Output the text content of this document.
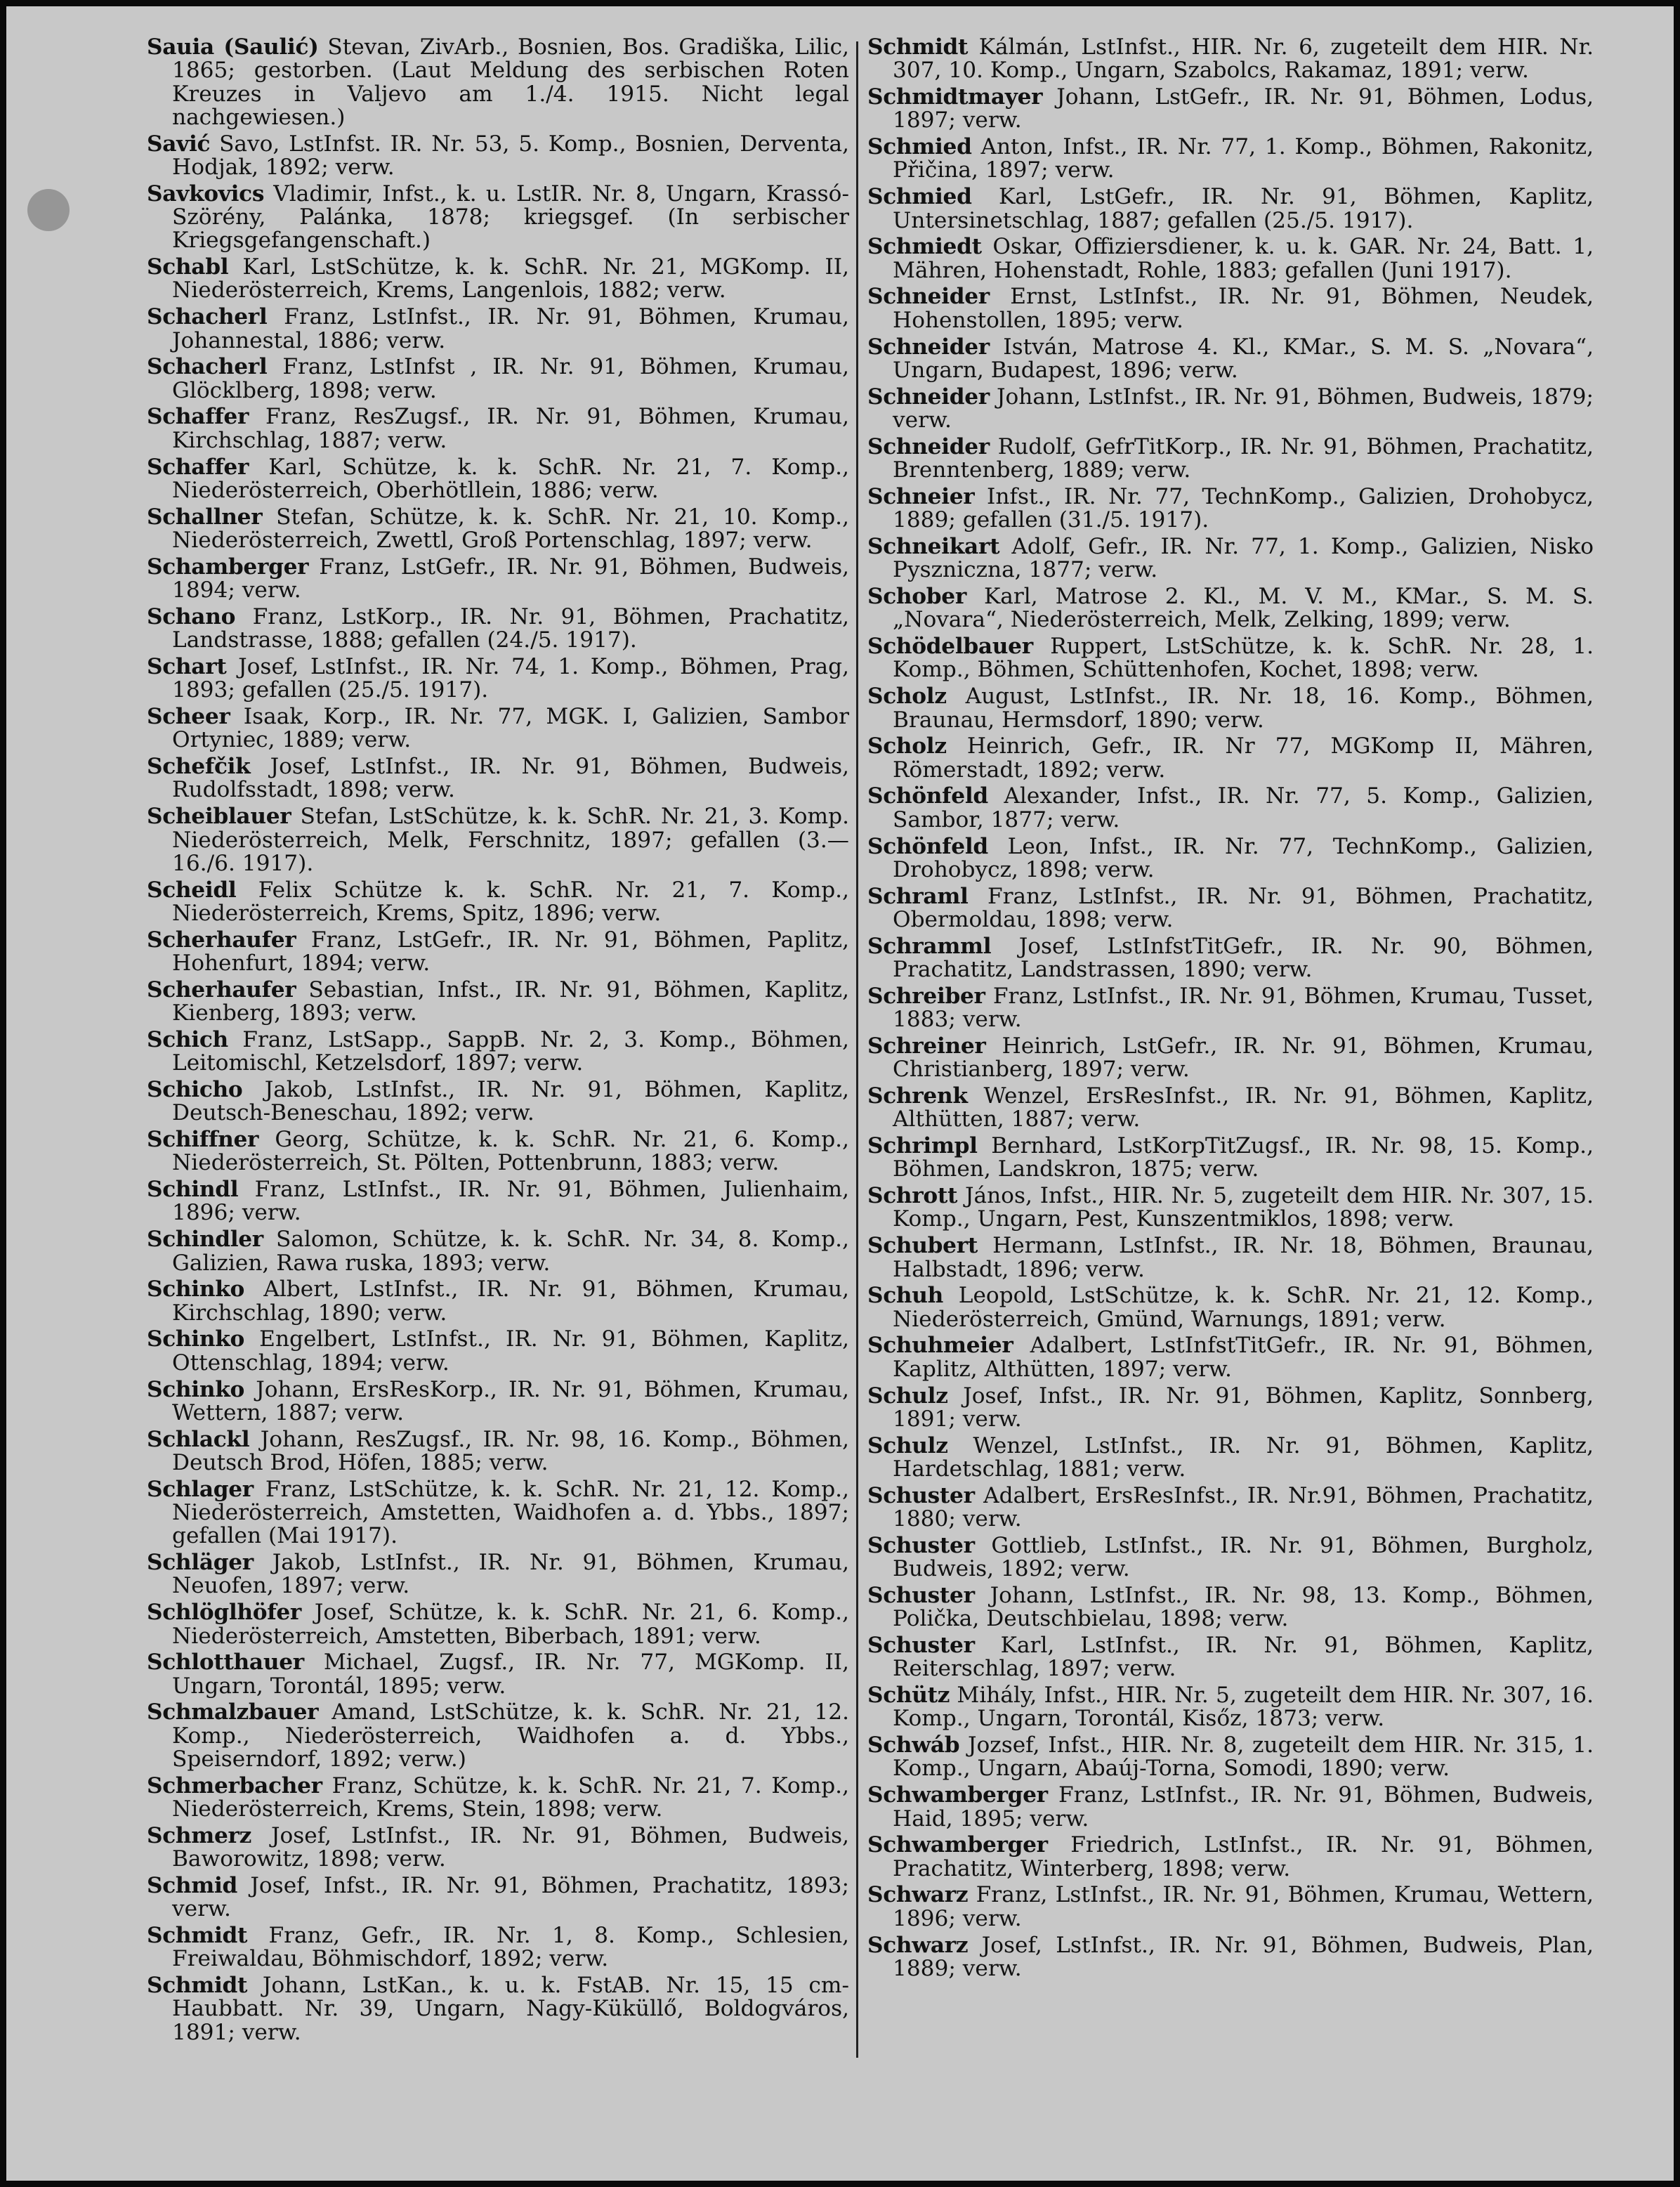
Sauia (Saulić) Stevan, ZivArb., Bosnien, Bos. Gradiška, Lilic, 1865; gestorben. (Laut Meldung des serbischen Roten Kreuzes in Valjevo am 1./4. 1915. Nicht legal nachgewiesen.)

Savić Savo, LstInfst. IR. Nr. 53, 5. Komp., Bosnien, Derventa, Hodjak, 1892; verw.

Savkovics Vladimir, Infst., k. u. LstIR. Nr. 8, Ungarn, Krassó-Szörény, Palánka, 1878; kriegsgef. (In serbischer Kriegsgefangenschaft.)

Schabl Karl, LstSchütze, k. k. SchR. Nr. 21, MGKomp. II, Niederösterreich, Krems, Langenlois, 1882; verw.

Schacherl Franz, LstInfst., IR. Nr. 91, Böhmen, Krumau, Johannestal, 1886; verw.

Schacherl Franz, LstInfst , IR. Nr. 91, Böhmen, Krumau, Glöcklberg, 1898; verw.

Schaffer Franz, ResZugsf., IR. Nr. 91, Böhmen, Krumau, Kirchschlag, 1887; verw.

Schaffer Karl, Schütze, k. k. SchR. Nr. 21, 7. Komp., Niederösterreich, Oberhötllein, 1886; verw.

Schallner Stefan, Schütze, k. k. SchR. Nr. 21, 10. Komp., Niederösterreich, Zwettl, Groß Portenschlag, 1897; verw.

Schamberger Franz, LstGefr., IR. Nr. 91, Böhmen, Budweis, 1894; verw.

Schano Franz, LstKorp., IR. Nr. 91, Böhmen, Prachatitz, Landstrasse, 1888; gefallen (24./5. 1917).

Schart Josef, LstInfst., IR. Nr. 74, 1. Komp., Böhmen, Prag, 1893; gefallen (25./5. 1917).

Scheer Isaak, Korp., IR. Nr. 77, MGK. I, Galizien, Sambor Ortyniec, 1889; verw.

Schefčik Josef, LstInfst., IR. Nr. 91, Böhmen, Budweis, Rudolfsstadt, 1898; verw.

Scheiblauer Stefan, LstSchütze, k. k. SchR. Nr. 21, 3. Komp. Niederösterreich, Melk, Ferschnitz, 1897; gefallen (3.—16./6. 1917).

Scheidl Felix Schütze k. k. SchR. Nr. 21, 7. Komp., Niederösterreich, Krems, Spitz, 1896; verw.

Scherhaufer Franz, LstGefr., IR. Nr. 91, Böhmen, Paplitz, Hohenfurt, 1894; verw.

Scherhaufer Sebastian, Infst., IR. Nr. 91, Böhmen, Kaplitz, Kienberg, 1893; verw.

Schich Franz, LstSapp., SappB. Nr. 2, 3. Komp., Böhmen, Leitomischl, Ketzelsdorf, 1897; verw.

Schicho Jakob, LstInfst., IR. Nr. 91, Böhmen, Kaplitz, Deutsch-Beneschau, 1892; verw.

Schiffner Georg, Schütze, k. k. SchR. Nr. 21, 6. Komp., Niederösterreich, St. Pölten, Pottenbrunn, 1883; verw.

Schindl Franz, LstInfst., IR. Nr. 91, Böhmen, Julienhaim, 1896; verw.

Schindler Salomon, Schütze, k. k. SchR. Nr. 34, 8. Komp., Galizien, Rawa ruska, 1893; verw.

Schinko Albert, LstInfst., IR. Nr. 91, Böhmen, Krumau, Kirchschlag, 1890; verw.

Schinko Engelbert, LstInfst., IR. Nr. 91, Böhmen, Kaplitz, Ottenschlag, 1894; verw.

Schinko Johann, ErsResKorp., IR. Nr. 91, Böhmen, Krumau, Wettern, 1887; verw.

Schlackl Johann, ResZugsf., IR. Nr. 98, 16. Komp., Böhmen, Deutsch Brod, Höfen, 1885; verw.

Schlager Franz, LstSchütze, k. k. SchR. Nr. 21, 12. Komp., Niederösterreich, Amstetten, Waidhofen a. d. Ybbs., 1897; gefallen (Mai 1917).

Schläger Jakob, LstInfst., IR. Nr. 91, Böhmen, Krumau, Neuofen, 1897; verw.

Schlöglhöfer Josef, Schütze, k. k. SchR. Nr. 21, 6. Komp., Niederösterreich, Amstetten, Biberbach, 1891; verw.

Schlotthauer Michael, Zugsf., IR. Nr. 77, MGKomp. II, Ungarn, Torontál, 1895; verw.

Schmalzbauer Amand, LstSchütze, k. k. SchR. Nr. 21, 12. Komp., Niederösterreich, Waidhofen a. d. Ybbs., Speiserndorf, 1892; verw.)

Schmerbacher Franz, Schütze, k. k. SchR. Nr. 21, 7. Komp., Niederösterreich, Krems, Stein, 1898; verw.

Schmerz Josef, LstInfst., IR. Nr. 91, Böhmen, Budweis, Baworowitz, 1898; verw.

Schmid Josef, Infst., IR. Nr. 91, Böhmen, Prachatitz, 1893; verw.

Schmidt Franz, Gefr., IR. Nr. 1, 8. Komp., Schlesien, Freiwaldau, Böhmischdorf, 1892; verw.

Schmidt Johann, LstKan., k. u. k. FstAB. Nr. 15, 15 cm-Haubbatt. Nr. 39, Ungarn, Nagy-Küküllő, Boldogváros, 1891; verw.

Schmidt Kálmán, LstInfst., HIR. Nr. 6, zugeteilt dem HIR. Nr. 307, 10. Komp., Ungarn, Szabolcs, Rakamaz, 1891; verw.

Schmidtmayer Johann, LstGefr., IR. Nr. 91, Böhmen, Lodus, 1897; verw.

Schmied Anton, Infst., IR. Nr. 77, 1. Komp., Böhmen, Rakonitz, Přičina, 1897; verw.

Schmied Karl, LstGefr., IR. Nr. 91, Böhmen, Kaplitz, Untersinetschlag, 1887; gefallen (25./5. 1917).

Schmiedt Oskar, Offiziersdiener, k. u. k. GAR. Nr. 24, Batt. 1, Mähren, Hohenstadt, Rohle, 1883; gefallen (Juni 1917).

Schneider Ernst, LstInfst., IR. Nr. 91, Böhmen, Neudek, Hohenstollen, 1895; verw.

Schneider István, Matrose 4. Kl., KMar., S. M. S. „Novara“, Ungarn, Budapest, 1896; verw.

Schneider Johann, LstInfst., IR. Nr. 91, Böhmen, Budweis, 1879; verw.

Schneider Rudolf, GefrTitKorp., IR. Nr. 91, Böhmen, Prachatitz, Brenntenberg, 1889; verw.

Schneier Infst., IR. Nr. 77, TechnKomp., Galizien, Drohobycz, 1889; gefallen (31./5. 1917).

Schneikart Adolf, Gefr., IR. Nr. 77, 1. Komp., Galizien, Nisko Pyszniczna, 1877; verw.

Schober Karl, Matrose 2. Kl., M. V. M., KMar., S. M. S. „Novara“, Niederösterreich, Melk, Zelking, 1899; verw.

Schödelbauer Ruppert, LstSchütze, k. k. SchR. Nr. 28, 1. Komp., Böhmen, Schüttenhofen, Kochet, 1898; verw.

Scholz August, LstInfst., IR. Nr. 18, 16. Komp., Böhmen, Braunau, Hermsdorf, 1890; verw.

Scholz Heinrich, Gefr., IR. Nr 77, MGKomp II, Mähren, Römerstadt, 1892; verw.

Schönfeld Alexander, Infst., IR. Nr. 77, 5. Komp., Galizien, Sambor, 1877; verw.

Schönfeld Leon, Infst., IR. Nr. 77, TechnKomp., Galizien, Drohobycz, 1898; verw.

Schraml Franz, LstInfst., IR. Nr. 91, Böhmen, Prachatitz, Obermoldau, 1898; verw.

Schramml Josef, LstInfstTitGefr., IR. Nr. 90, Böhmen, Prachatitz, Landstrassen, 1890; verw.

Schreiber Franz, LstInfst., IR. Nr. 91, Böhmen, Krumau, Tusset, 1883; verw.

Schreiner Heinrich, LstGefr., IR. Nr. 91, Böhmen, Krumau, Christianberg, 1897; verw.

Schrenk Wenzel, ErsResInfst., IR. Nr. 91, Böhmen, Kaplitz, Althütten, 1887; verw.

Schrimpl Bernhard, LstKorpTitZugsf., IR. Nr. 98, 15. Komp., Böhmen, Landskron, 1875; verw.

Schrott János, Infst., HIR. Nr. 5, zugeteilt dem HIR. Nr. 307, 15. Komp., Ungarn, Pest, Kunszentmiklos, 1898; verw.

Schubert Hermann, LstInfst., IR. Nr. 18, Böhmen, Braunau, Halbstadt, 1896; verw.

Schuh Leopold, LstSchütze, k. k. SchR. Nr. 21, 12. Komp., Niederösterreich, Gmünd, Warnungs, 1891; verw.

Schuhmeier Adalbert, LstInfstTitGefr., IR. Nr. 91, Böhmen, Kaplitz, Althütten, 1897; verw.

Schulz Josef, Infst., IR. Nr. 91, Böhmen, Kaplitz, Sonnberg, 1891; verw.

Schulz Wenzel, LstInfst., IR. Nr. 91, Böhmen, Kaplitz, Hardetschlag, 1881; verw.

Schuster Adalbert, ErsResInfst., IR. Nr.91, Böhmen, Prachatitz, 1880; verw.

Schuster Gottlieb, LstInfst., IR. Nr. 91, Böhmen, Burgholz, Budweis, 1892; verw.

Schuster Johann, LstInfst., IR. Nr. 98, 13. Komp., Böhmen, Polička, Deutschbielau, 1898; verw.

Schuster Karl, LstInfst., IR. Nr. 91, Böhmen, Kaplitz, Reiterschlag, 1897; verw.

Schütz Mihály, Infst., HIR. Nr. 5, zugeteilt dem HIR. Nr. 307, 16. Komp., Ungarn, Torontál, Kisőz, 1873; verw.

Schwáb Jozsef, Infst., HIR. Nr. 8, zugeteilt dem HIR. Nr. 315, 1. Komp., Ungarn, Abaúj-Torna, Somodi, 1890; verw.

Schwamberger Franz, LstInfst., IR. Nr. 91, Böhmen, Budweis, Haid, 1895; verw.

Schwamberger Friedrich, LstInfst., IR. Nr. 91, Böhmen, Prachatitz, Winterberg, 1898; verw.

Schwarz Franz, LstInfst., IR. Nr. 91, Böhmen, Krumau, Wettern, 1896; verw.

Schwarz Josef, LstInfst., IR. Nr. 91, Böhmen, Budweis, Plan, 1889; verw.
